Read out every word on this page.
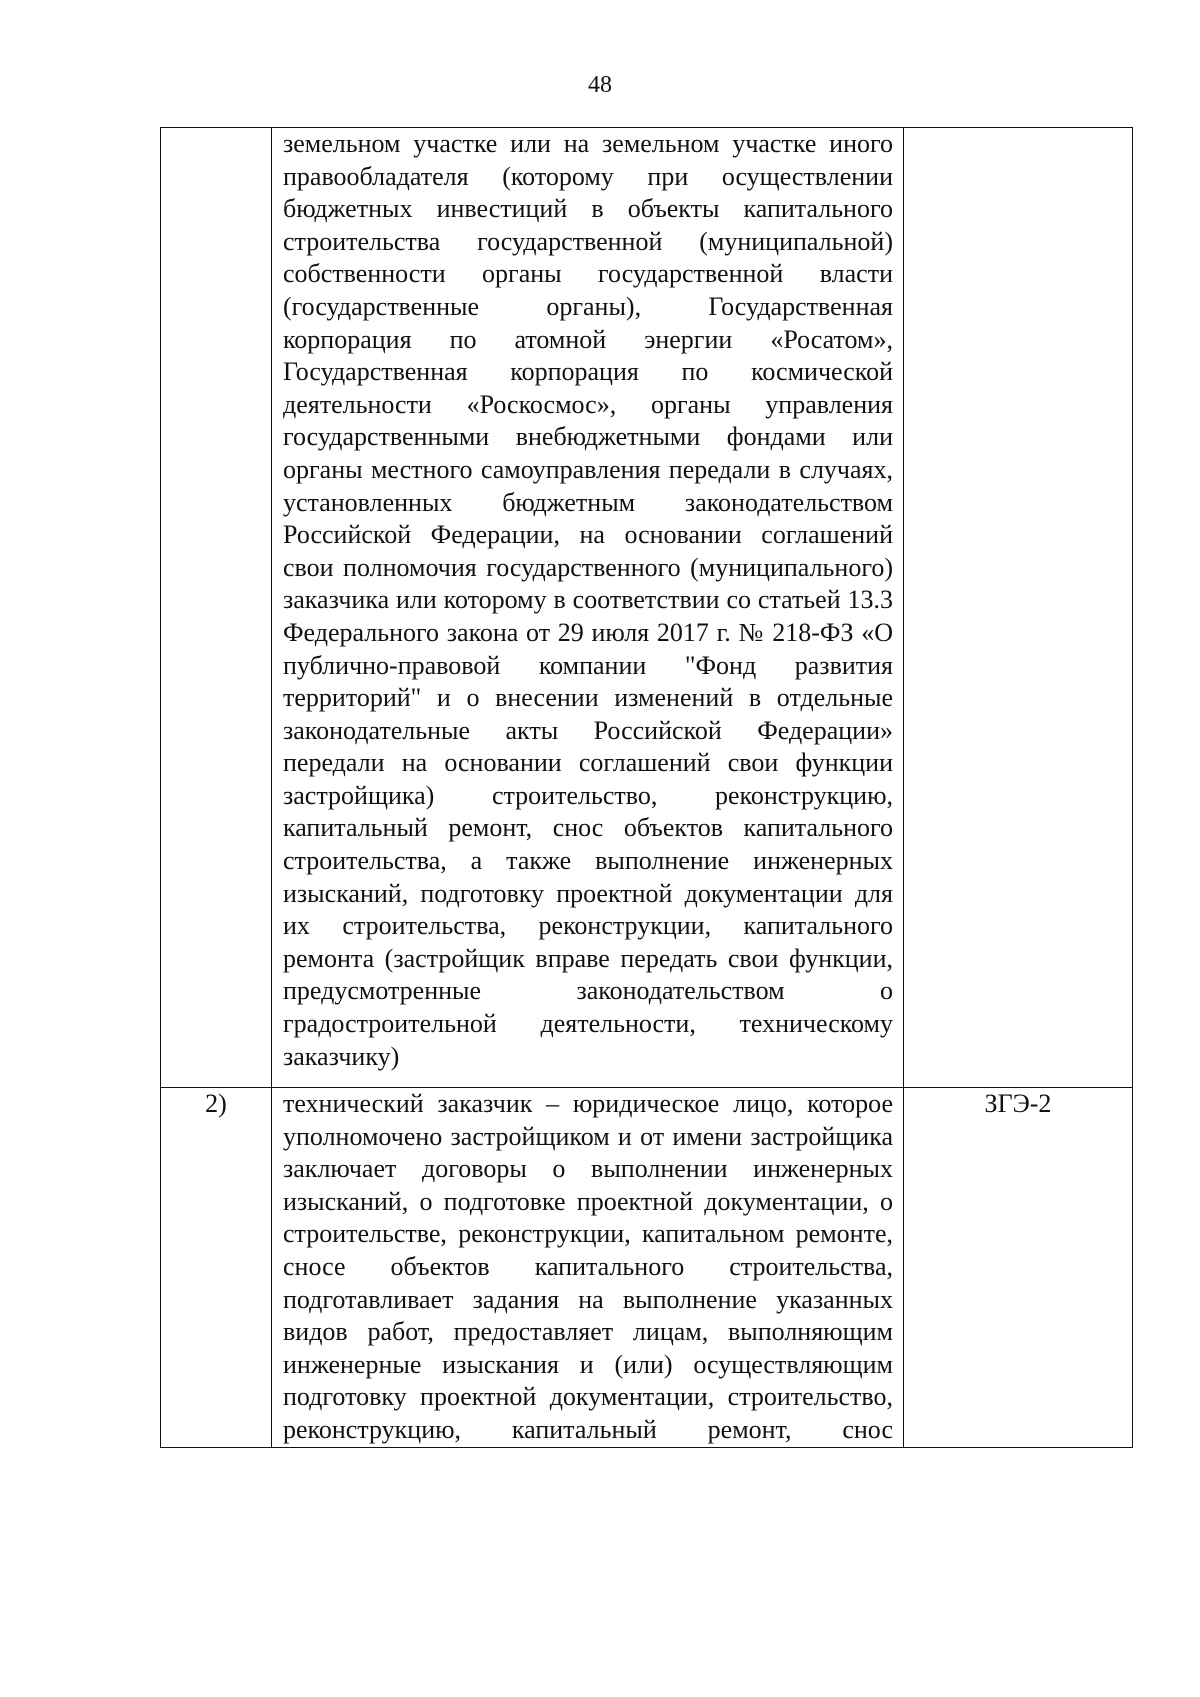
48

	земельном участке или на земельном участке иного правообладателя (которому при осуществлении бюджетных инвестиций в объекты капитального строительства государственной (муниципальной) собственности органы государственной власти (государственные органы), Государственная корпорация по атомной энергии «Росатом», Государственная корпорация по космической деятельности «Роскосмос», органы управления государственными внебюджетными фондами или органы местного самоуправления передали в случаях, установленных бюджетным законодательством Российской Федерации, на основании соглашений свои полномочия государственного (муниципального) заказчика или которому в соответствии со статьей 13.3 Федерального закона от 29 июля 2017 г. № 218-ФЗ «О публично-правовой компании "Фонд развития территорий" и о внесении изменений в отдельные законодательные акты Российской Федерации» передали на основании соглашений свои функции застройщика) строительство, реконструкцию, капитальный ремонт, снос объектов капитального строительства, а также выполнение инженерных изысканий, подготовку проектной документации для их строительства, реконструкции, капитального ремонта (застройщик вправе передать свои функции, предусмотренные законодательством о градостроительной деятельности, техническому заказчику)	

2)	технический заказчик – юридическое лицо, которое уполномочено застройщиком и от имени застройщика заключает договоры о выполнении инженерных изысканий, о подготовке проектной документации, о строительстве, реконструкции, капитальном ремонте, сносе объектов капитального строительства, подготавливает задания на выполнение указанных видов работ, предоставляет лицам, выполняющим инженерные изыскания и (или) осуществляющим подготовку проектной документации, строительство, реконструкцию, капитальный ремонт, снос	ЗГЭ-2
